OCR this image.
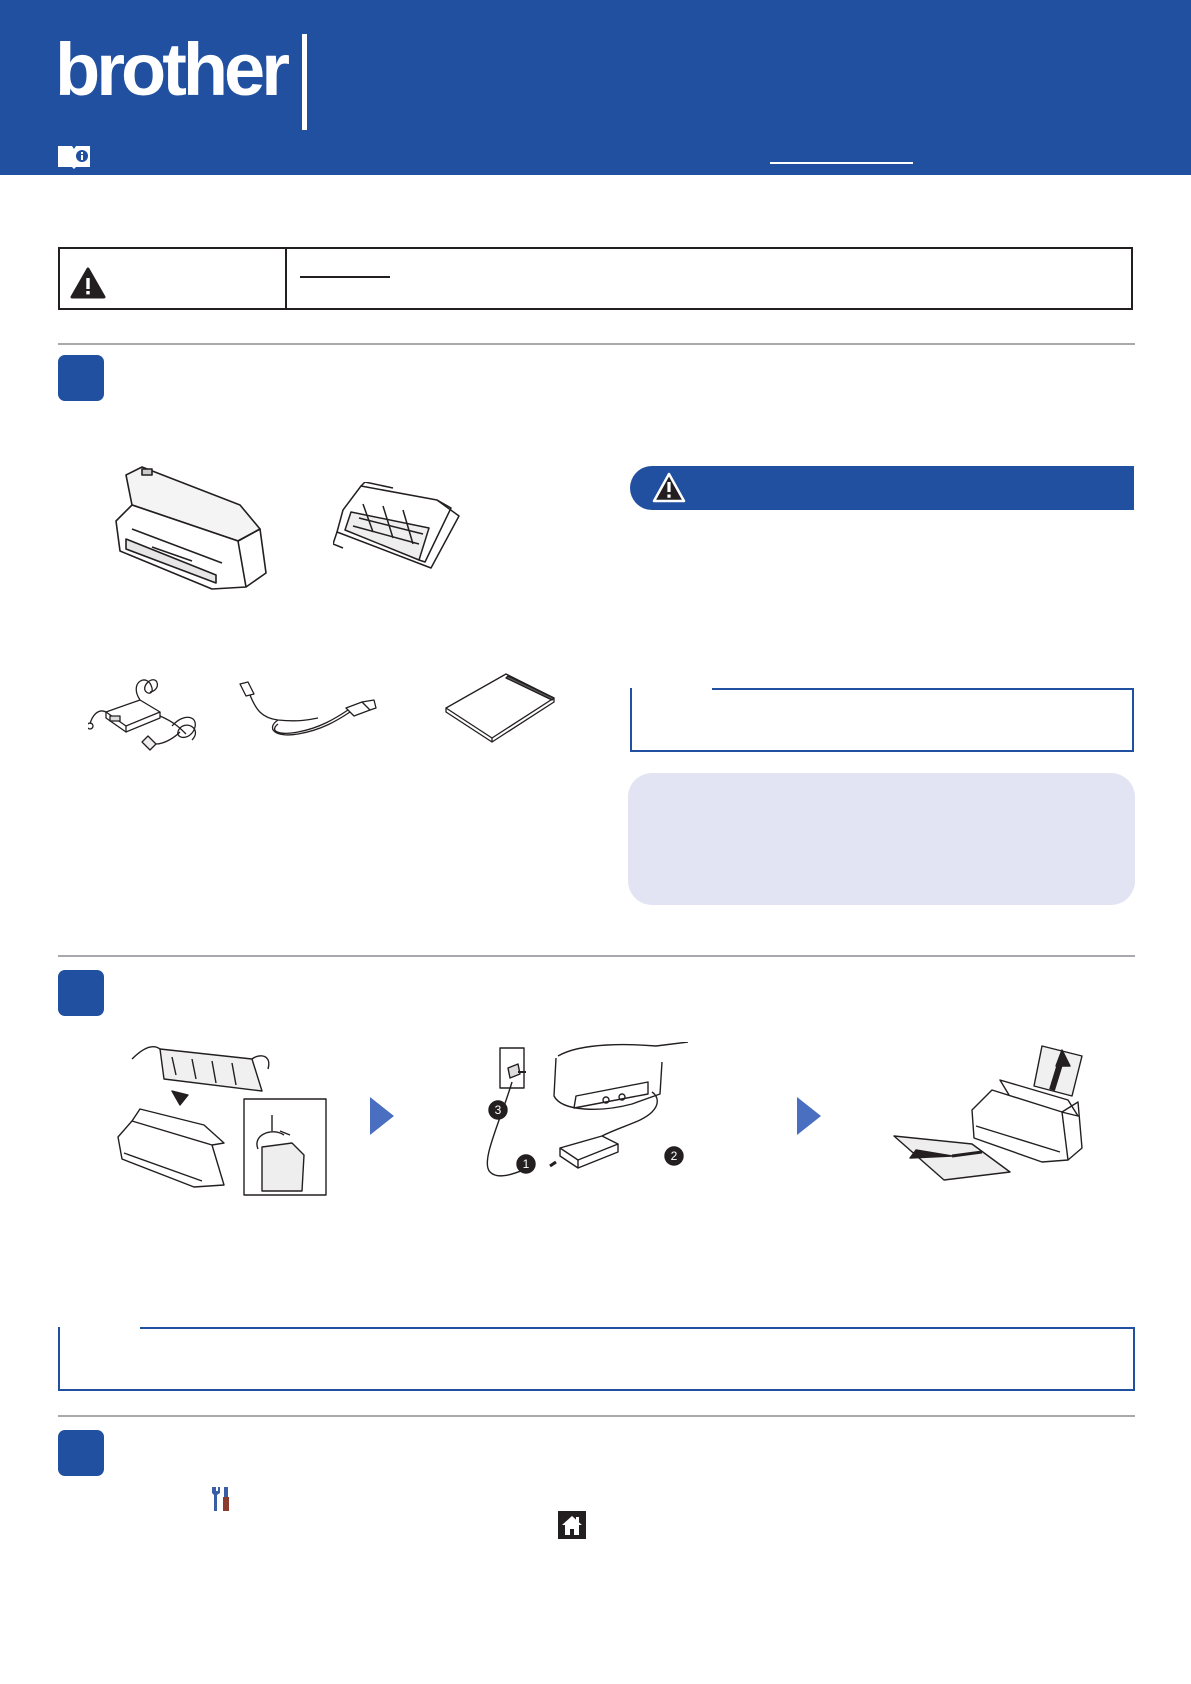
brother
3
1
2
